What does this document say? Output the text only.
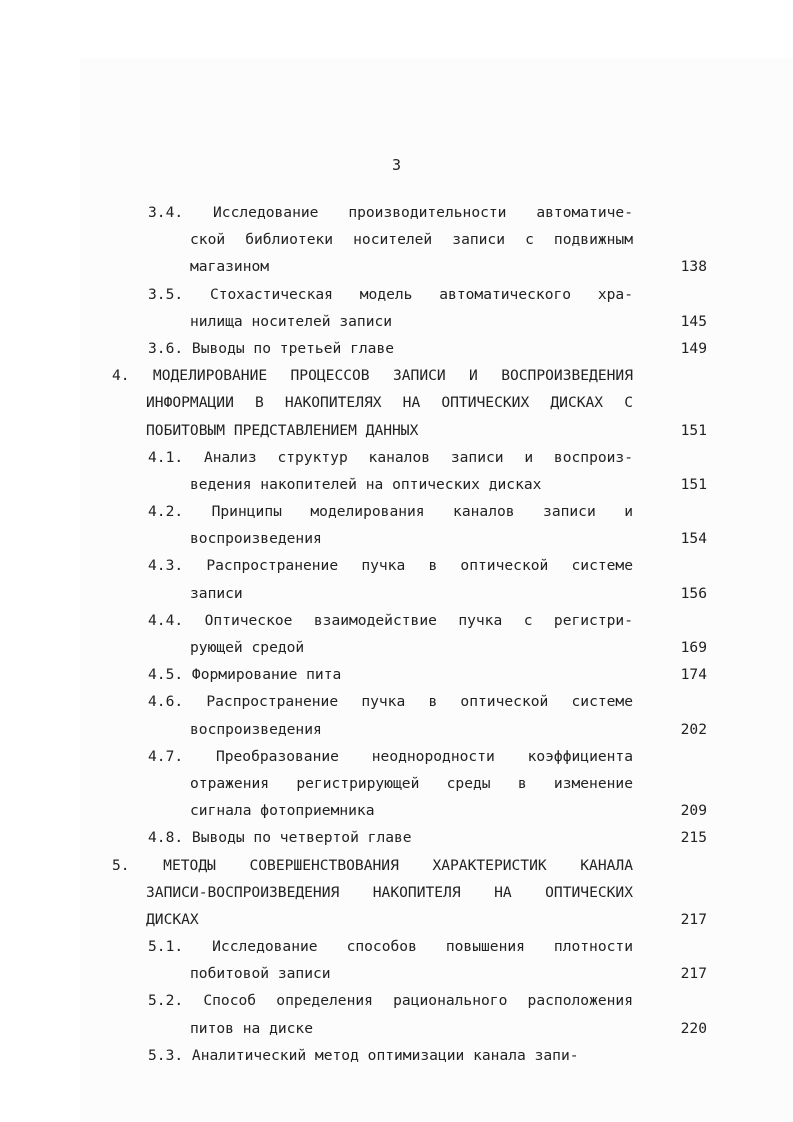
3
3.4. Исследование производительности автоматиче-
ской библиотеки носителей записи с подвижным
магазином	138
3.5. Стохастическая модель автоматического хра-
нилища носителей записи	145
3.6. Выводы по третьей главе	149
4. МОДЕЛИРОВАНИЕ ПРОЦЕССОВ ЗАПИСИ И ВОСПРОИЗВЕДЕНИЯ
ИНФОРМАЦИИ В НАКОПИТЕЛЯХ НА ОПТИЧЕСКИХ ДИСКАХ С
ПОБИТОВЫМ ПРЕДСТАВЛЕНИЕМ ДАННЫХ	151
4.1. Анализ структур каналов записи и воспроиз-
ведения накопителей на оптических дисках	151
4.2. Принципы моделирования каналов записи и
воспроизведения	154
4.3. Распространение пучка в оптической системе
записи	156
4.4. Оптическое взаимодействие пучка с регистри-
рующей средой	169
4.5. Формирование пита	174
4.6. Распространение пучка в оптической системе
воспроизведения	202
4.7. Преобразование неоднородности коэффициента
отражения регистрирующей среды в изменение
сигнала фотоприемника	209
4.8. Выводы по четвертой главе	215
5. МЕТОДЫ СОВЕРШЕНСТВОВАНИЯ ХАРАКТЕРИСТИК КАНАЛА
ЗАПИСИ-ВОСПРОИЗВЕДЕНИЯ НАКОПИТЕЛЯ НА ОПТИЧЕСКИХ
ДИСКАХ	217
5.1. Исследование способов повышения плотности
побитовой записи	217
5.2. Способ определения рационального расположения
питов на диске	220
5.3. Аналитический метод оптимизации канала запи-
